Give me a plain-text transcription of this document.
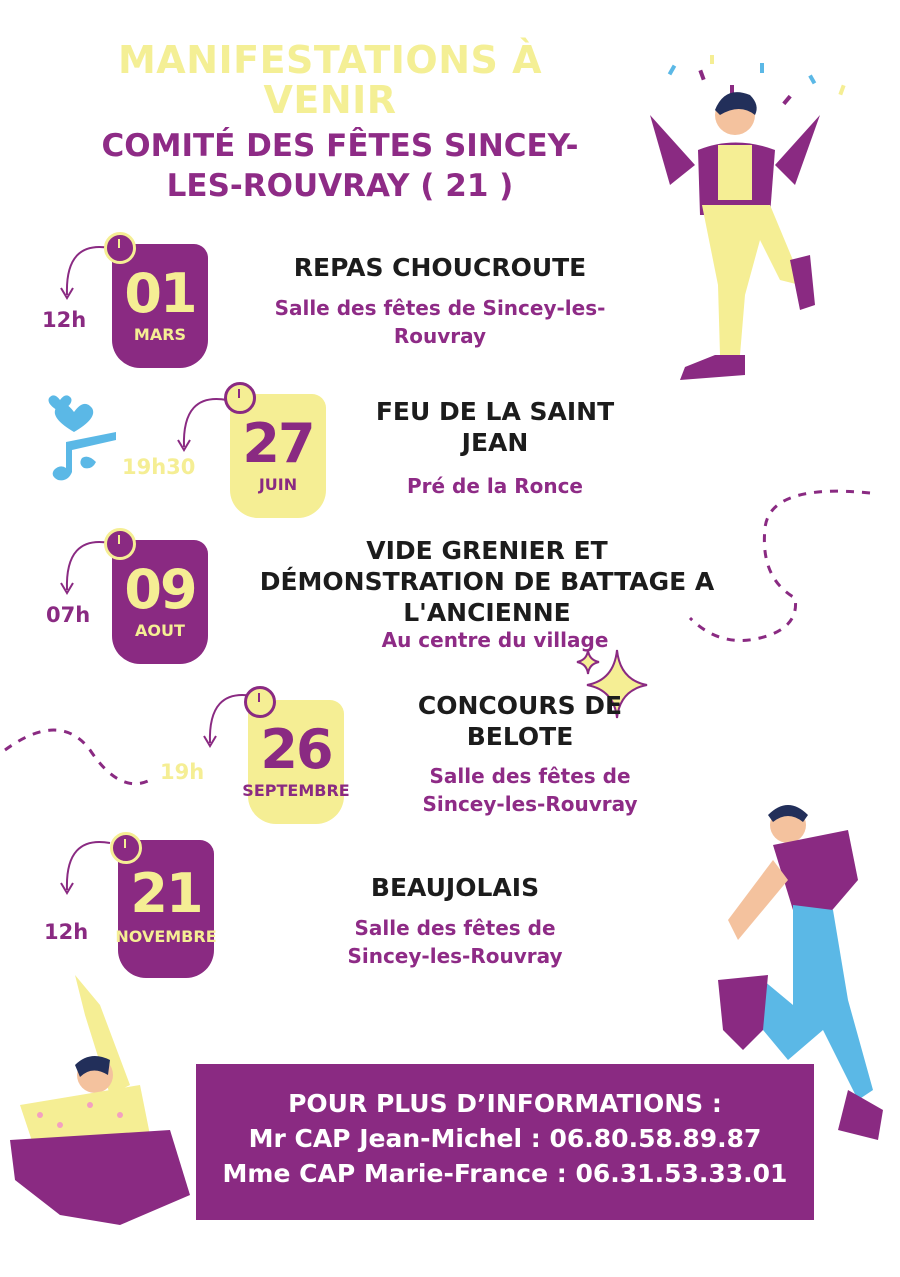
MANIFESTATIONS À
VENIR
COMITÉ DES FÊTES SINCEY-
LES-ROUVRAY ( 21 )
12h 01
MARS
REPAS CHOUCROUTE
Salle des fêtes de Sincey-les-
Rouvray
19h30 27
JUIN
FEU DE LA SAINT
JEAN
Pré de la Ronce
07h 09
AOUT
VIDE GRENIER ET
DÉMONSTRATION DE BATTAGE A
L'ANCIENNE
Au centre du village
19h 26
SEPTEMBRE
CONCOURS DE
BELOTE
Salle des fêtes de
Sincey-les-Rouvray
12h
21
NOVEMBRE
BEAUJOLAIS
Salle des fêtes de
Sincey-les-Rouvray
POUR PLUS D’INFORMATIONS :
Mr CAP Jean-Michel : 06.80.58.89.87
Mme CAP Marie-France : 06.31.53.33.01
